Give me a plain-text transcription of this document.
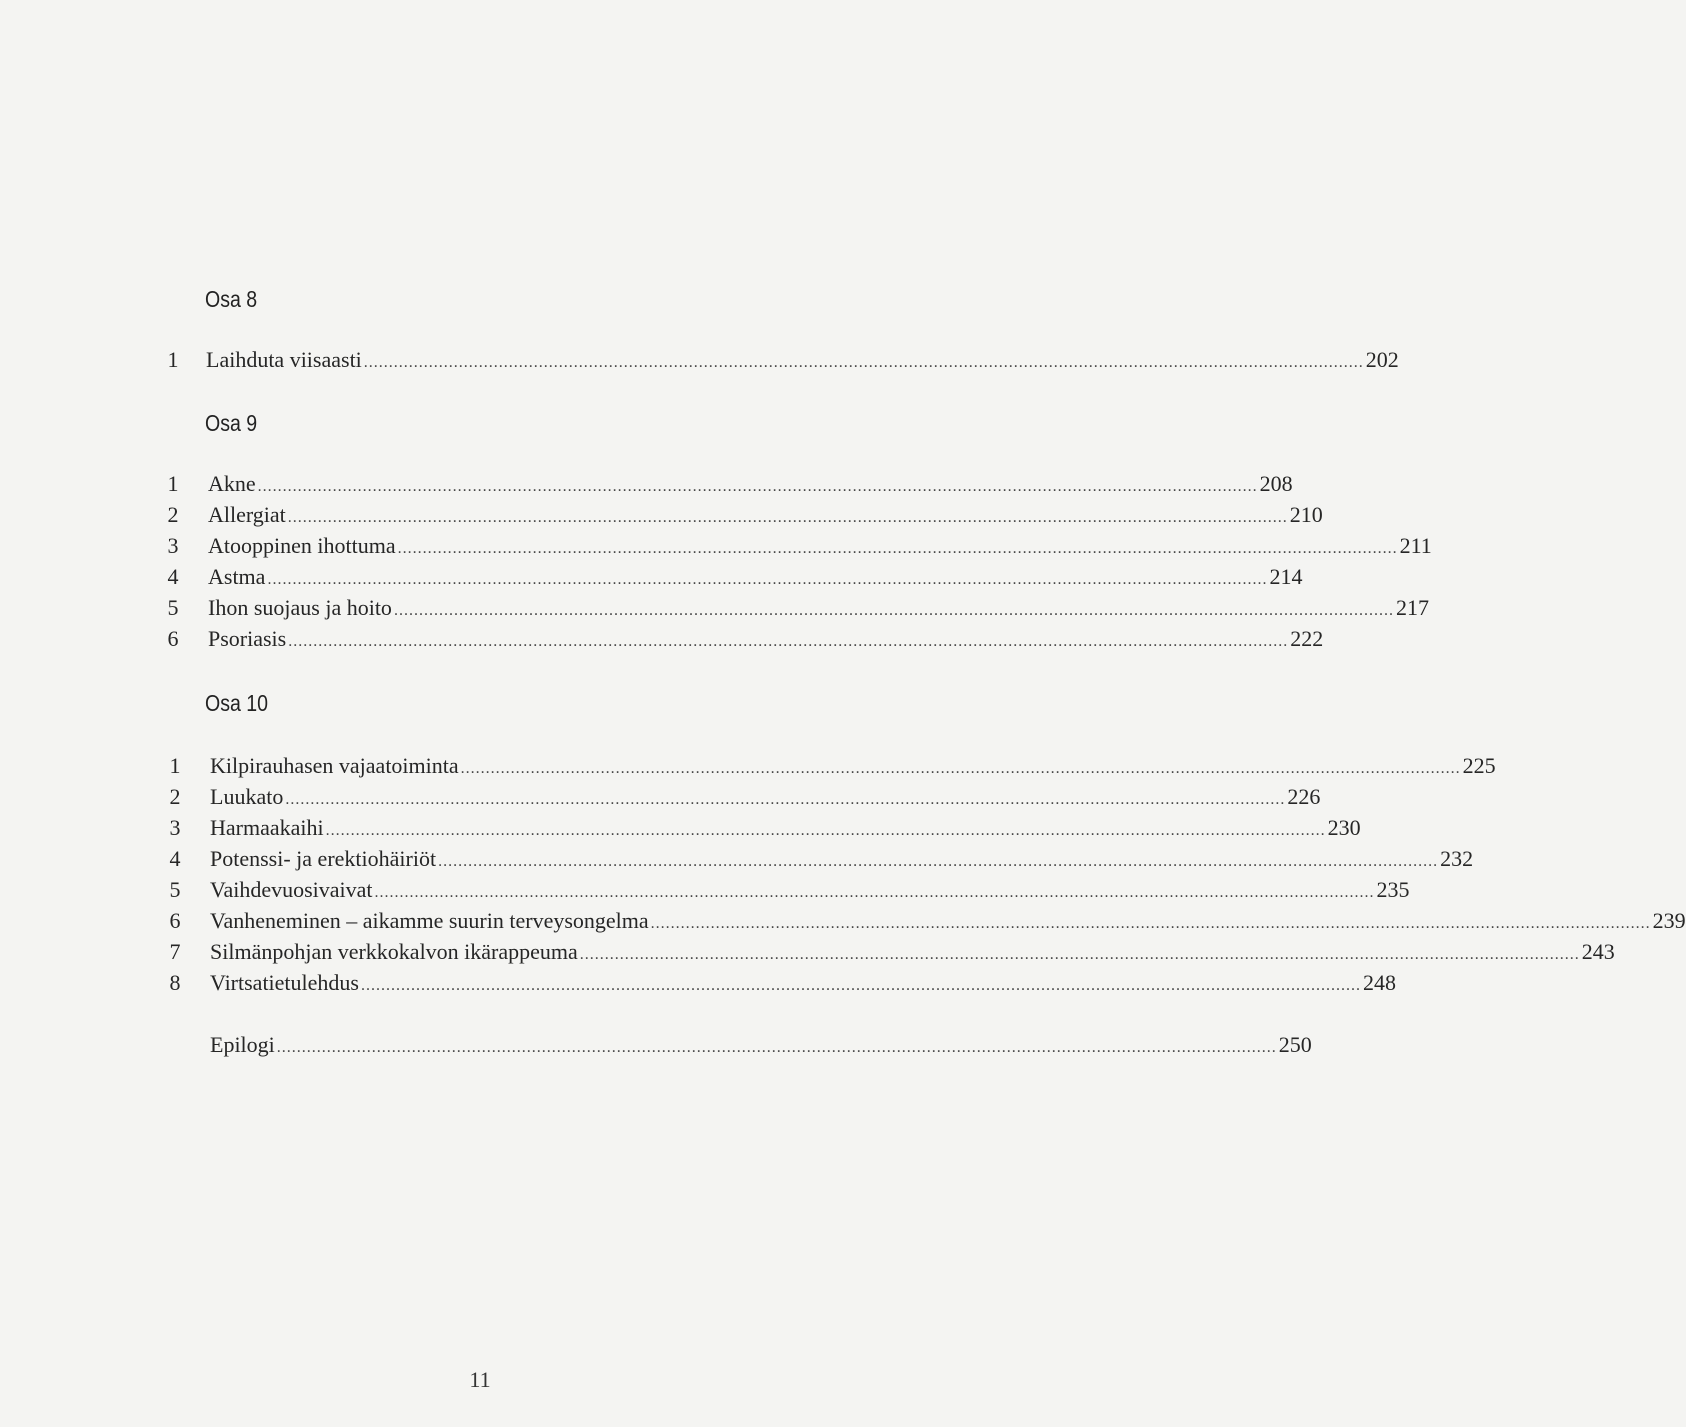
Osa 8
1 Laihduta viisaasti ........................................................................................................................................................................................................ 202
Osa 9
1 Akne ........................................................................................................................................................................................................ 208
2 Allergiat ........................................................................................................................................................................................................ 210
3 Atooppinen ihottuma ........................................................................................................................................................................................................ 211
4 Astma ........................................................................................................................................................................................................ 214
5 Ihon suojaus ja hoito ........................................................................................................................................................................................................ 217
6 Psoriasis ........................................................................................................................................................................................................ 222
Osa 10
1 Kilpirauhasen vajaatoiminta ........................................................................................................................................................................................................ 225
2 Luukato ........................................................................................................................................................................................................ 226
3 Harmaakaihi ........................................................................................................................................................................................................ 230
4 Potenssi- ja erektiohäiriöt ........................................................................................................................................................................................................ 232
5 Vaihdevuosivaivat ........................................................................................................................................................................................................ 235
6 Vanheneminen – aikamme suurin terveysongelma ........................................................................................................................................................................................................ 239
7 Silmänpohjan verkkokalvon ikärappeuma ........................................................................................................................................................................................................ 243
8 Virtsatietulehdus ........................................................................................................................................................................................................ 248
Epilogi ........................................................................................................................................................................................................ 250
11
